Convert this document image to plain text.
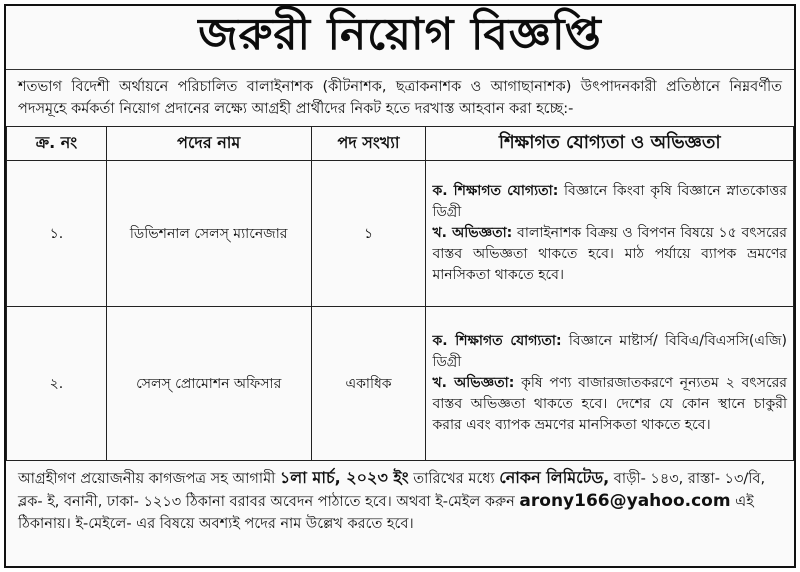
জরুরী নিয়োগ বিজ্ঞপ্তি
শতভাগ বিদেশী অর্থায়নে পরিচালিত বালাইনাশক (কীটনাশক, ছত্রাকনাশক ও আগাছানাশক) উৎপাদনকারী প্রতিষ্ঠানে নিম্নবর্ণীত পদসমূহে কর্মকর্তা নিয়োগ প্রদানের লক্ষ্যে আগ্রহী প্রার্থীদের নিকট হতে দরখাস্ত আহবান করা হচ্ছে:-
ক্র. নং	পদের নাম	পদ সংখ্যা	শিক্ষাগত যোগ্যতা ও অভিজ্ঞতা
১.	ডিভিশনাল সেলস্ ম্যানেজার	১	ক. শিক্ষাগত যোগ্যতা: বিজ্ঞানে কিংবা কৃষি বিজ্ঞানে স্নাতকোত্তর ডিগ্রী
খ. অভিজ্ঞতা: বালাইনাশক বিক্রয় ও বিপণন বিষয়ে ১৫ বৎসরের বাস্তব অভিজ্ঞতা থাকতে হবে। মাঠ পর্যায়ে ব্যাপক ভ্রমণের মানসিকতা থাকতে হবে।
২.	সেলস্ প্রোমোশন অফিসার	একাধিক	ক. শিক্ষাগত যোগ্যতা: বিজ্ঞানে মাষ্টার্স/ বিবিএ/বিএসসি(এজি) ডিগ্রী
খ. অভিজ্ঞতা: কৃষি পণ্য বাজারজাতকরণে নূন্যতম ২ বৎসরের বাস্তব অভিজ্ঞতা থাকতে হবে। দেশের যে কোন স্থানে চাকুরী করার এবং ব্যাপক ভ্রমণের মানসিকতা থাকতে হবে।
আগ্রহীগণ প্রয়োজনীয় কাগজপত্র সহ আগামী ১লা মার্চ, ২০২৩ ইং তারিখের মধ্যে নোকন লিমিটেড, বাড়ী- ১৪৩, রাস্তা- ১৩/বি, ব্লক- ই, বনানী, ঢাকা- ১২১৩ ঠিকানা বরাবর অবেদন পাঠাতে হবে। অথবা ই-মেইল করুন arony166@yahoo.com এই ঠিকানায়। ই-মেইলে- এর বিষয়ে অবশ্যই পদের নাম উল্লেখ করতে হবে।
